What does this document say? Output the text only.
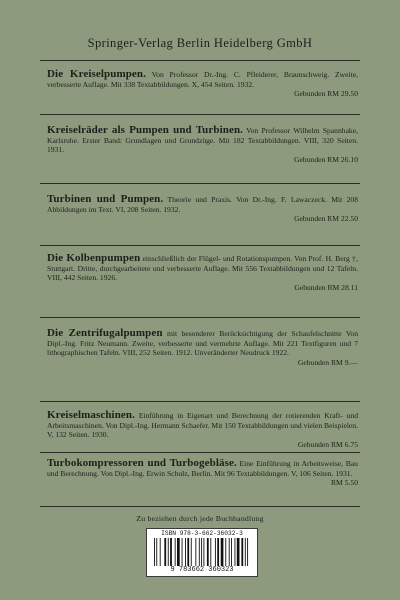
Springer-Verlag Berlin Heidelberg GmbH
Die Kreiselpumpen. Von Professor Dr.-Ing. C. Pfleiderer, Braunschweig. Zweite, verbesserte Auflage. Mit 338 Textabbildungen. X, 454 Seiten. 1932.
Gebunden RM 29.50
Kreiselräder als Pumpen und Turbinen. Von Professor Wilhelm Spannhake, Karlsruhe. Erster Band: Grundlagen und Grundzüge. Mit 182 Textabbildungen. VIII, 320 Seiten. 1931.
Gebunden RM 26.10
Turbinen und Pumpen. Theorie und Praxis. Von Dr.-Ing. F. Lawaczeck. Mit 208 Abbildungen im Text. VI, 208 Seiten. 1932.
Gebunden RM 22.50
Die Kolbenpumpen einschließlich der Flügel- und Rotationspumpen. Von Prof. H. Berg †, Stuttgart. Dritte, durchgearbeitete und verbesserte Auflage. Mit 556 Textabbildungen und 12 Tafeln. VIII, 442 Seiten. 1926.
Gebunden RM 28.11
Die Zentrifugalpumpen mit besonderer Berücksichtigung der Schaufelschnitte Von Dipl.-Ing. Fritz Neumann. Zweite, verbesserte und vermehrte Auflage. Mit 221 Textfiguren und 7 lithographischen Tafeln. VIII, 252 Seiten. 1912. Unveränderter Neudruck 1922.
Gebunden RM 9.—
Kreiselmaschinen. Einführung in Eigenart und Berechnung der rotierenden Kraft- und Arbeitsmaschinen. Von Dipl.-Ing. Hermann Schaefer. Mit 150 Textabbildungen und vielen Beispielen. V, 132 Seiten. 1930.
Gebunden RM 6.75
Turbokompressoren und Turbogebläse. Eine Einführung in Arbeitsweise, Bau und Berechnung. Von Dipl.-Ing. Erwin Schulz, Berlin. Mit 96 Textabbildungen. V, 106 Seiten. 1931.
RM 5.50
Zu beziehen durch jede Buchhandlung
ISBN 978-3-662-36032-3
9 783662 360323
